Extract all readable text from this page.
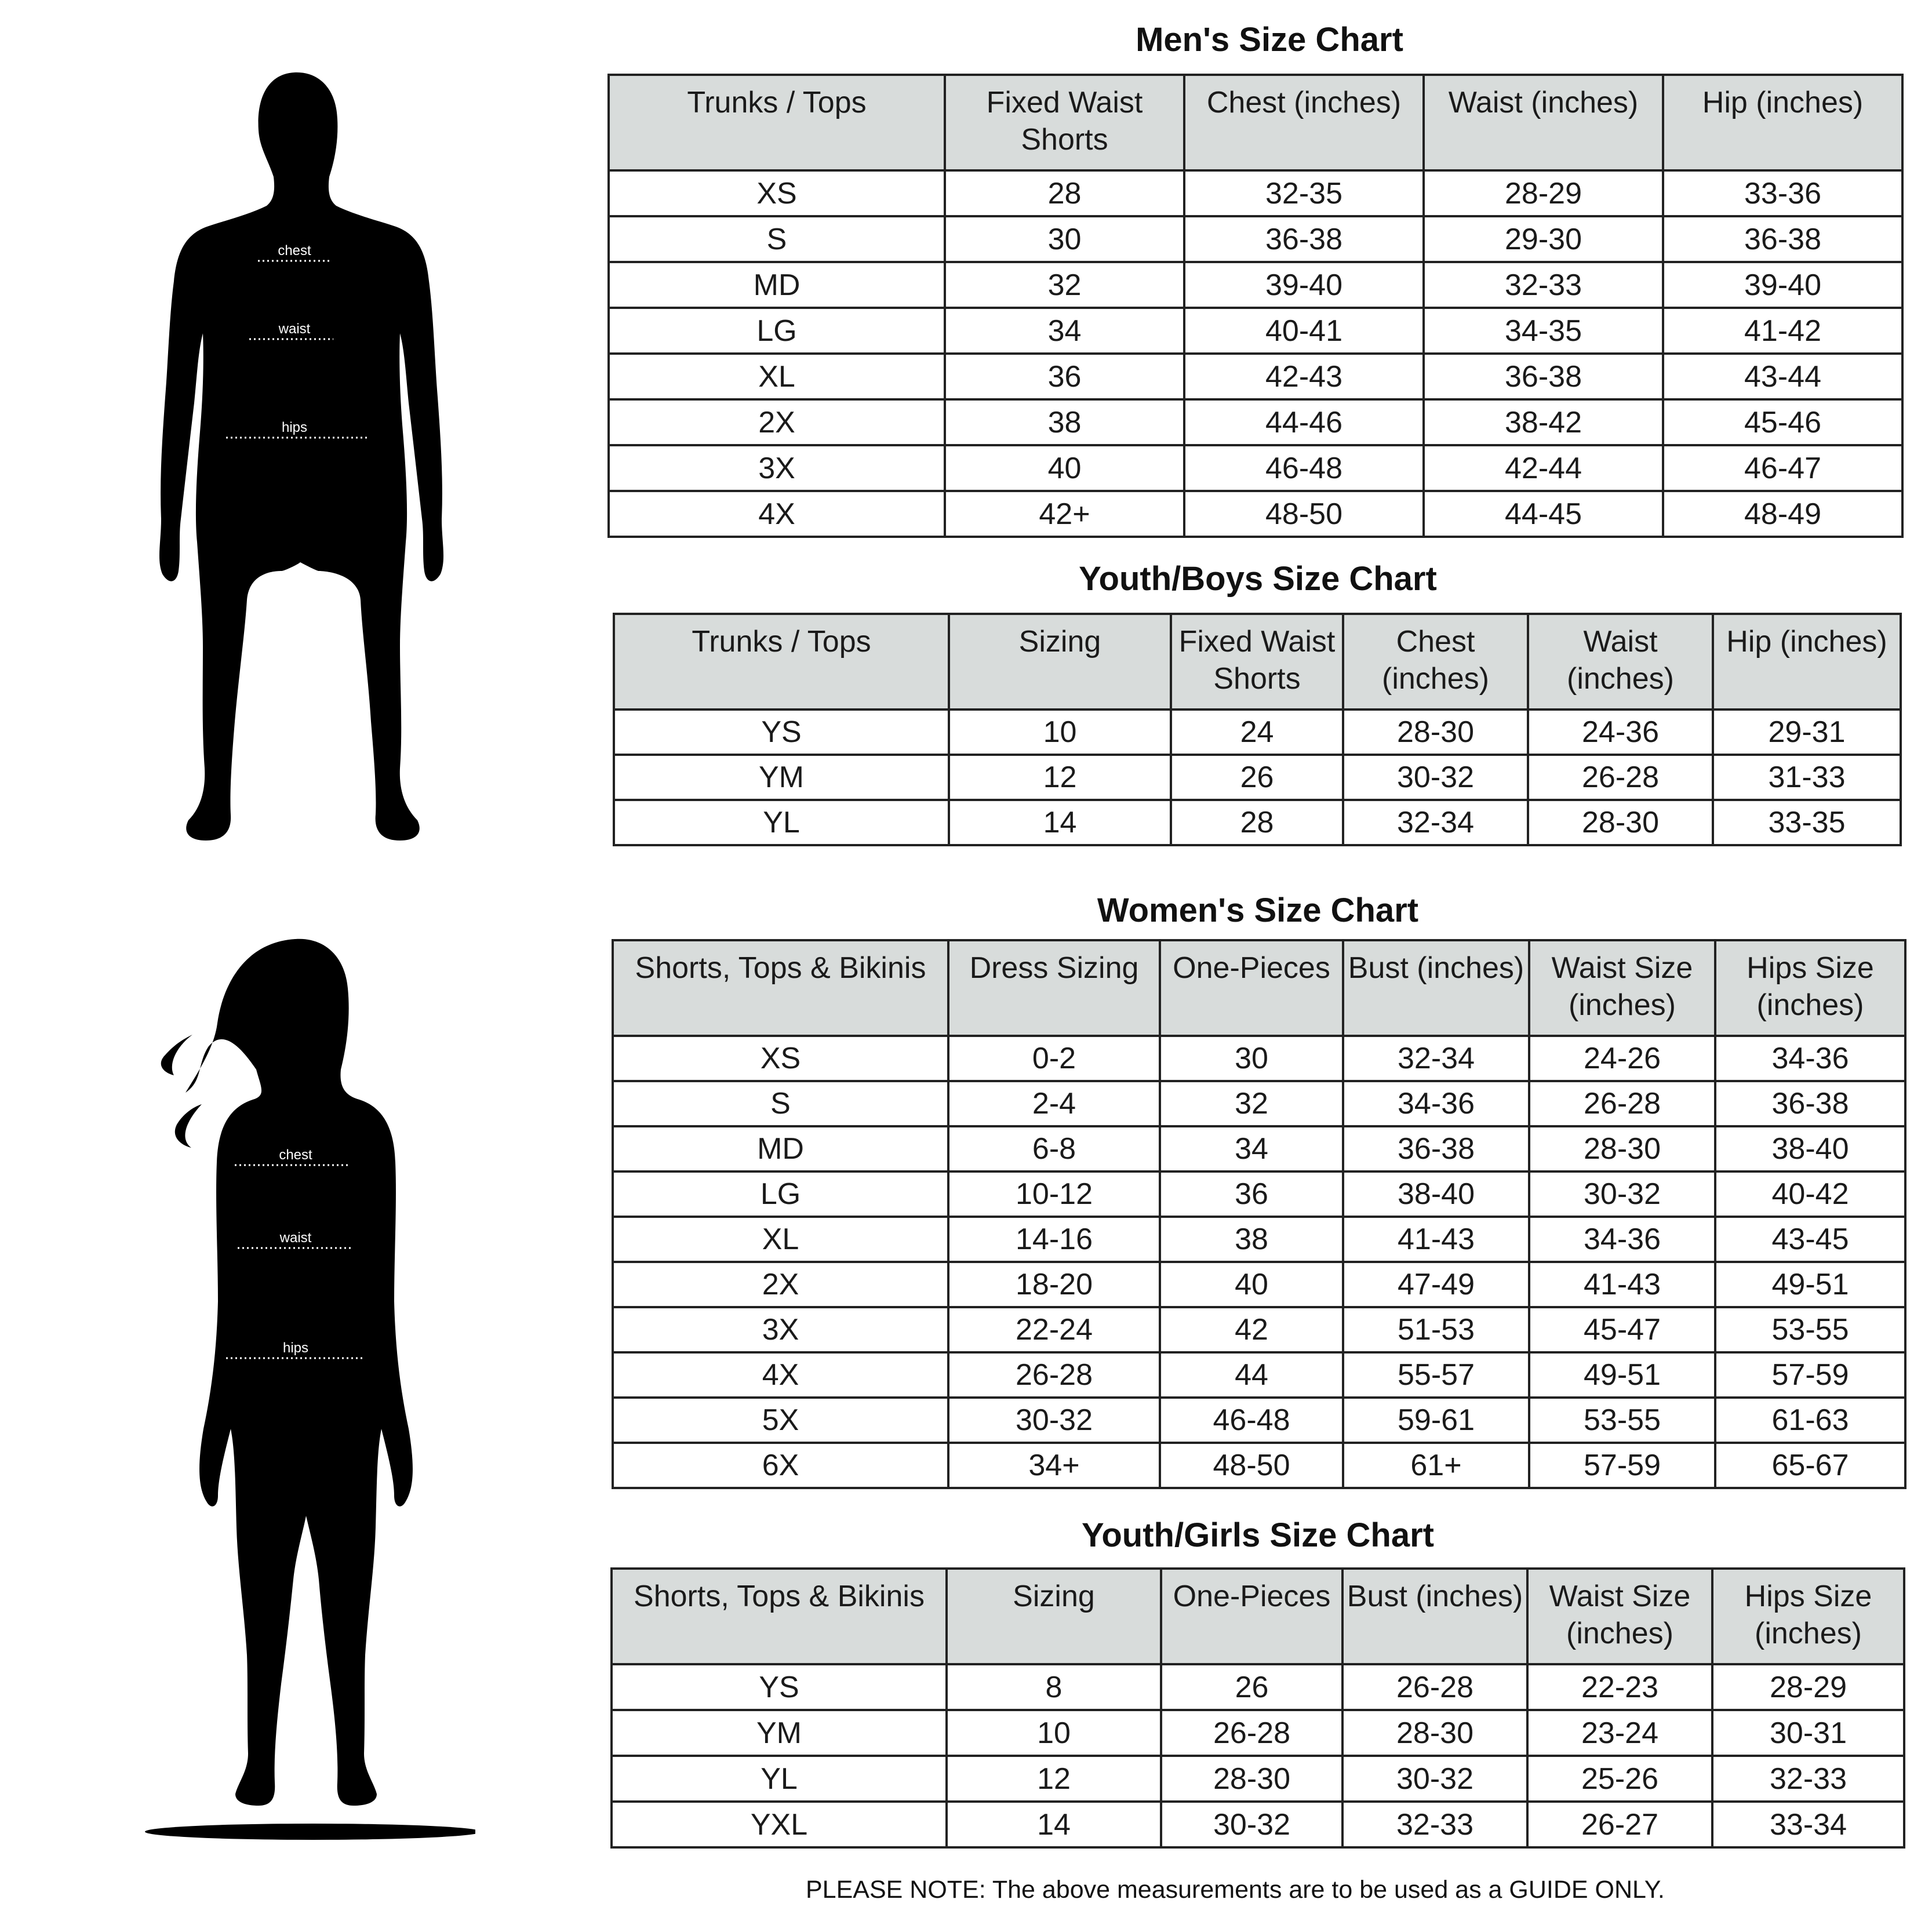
chest
waist
hips
chest
waist
hips
Men's Size Chart
Trunks / Tops	Fixed Waist Shorts	Chest (inches)	Waist (inches)	Hip (inches)
XS	28	32-35	28-29	33-36
S	30	36-38	29-30	36-38
MD	32	39-40	32-33	39-40
LG	34	40-41	34-35	41-42
XL	36	42-43	36-38	43-44
2X	38	44-46	38-42	45-46
3X	40	46-48	42-44	46-47
4X	42+	48-50	44-45	48-49
Youth/Boys Size Chart
Trunks / Tops	Sizing	Fixed Waist Shorts	Chest (inches)	Waist (inches)	Hip (inches)
YS	10	24	28-30	24-36	29-31
YM	12	26	30-32	26-28	31-33
YL	14	28	32-34	28-30	33-35
Women's Size Chart
Shorts, Tops & Bikinis	Dress Sizing	One-Pieces	Bust (inches)	Waist Size (inches)	Hips Size (inches)
XS	0-2	30	32-34	24-26	34-36
S	2-4	32	34-36	26-28	36-38
MD	6-8	34	36-38	28-30	38-40
LG	10-12	36	38-40	30-32	40-42
XL	14-16	38	41-43	34-36	43-45
2X	18-20	40	47-49	41-43	49-51
3X	22-24	42	51-53	45-47	53-55
4X	26-28	44	55-57	49-51	57-59
5X	30-32	46-48	59-61	53-55	61-63
6X	34+	48-50	61+	57-59	65-67
Youth/Girls Size Chart
Shorts, Tops & Bikinis	Sizing	One-Pieces	Bust (inches)	Waist Size (inches)	Hips Size (inches)
YS	8	26	26-28	22-23	28-29
YM	10	26-28	28-30	23-24	30-31
YL	12	28-30	30-32	25-26	32-33
YXL	14	30-32	32-33	26-27	33-34
PLEASE NOTE: The above measurements are to be used as a GUIDE ONLY.
